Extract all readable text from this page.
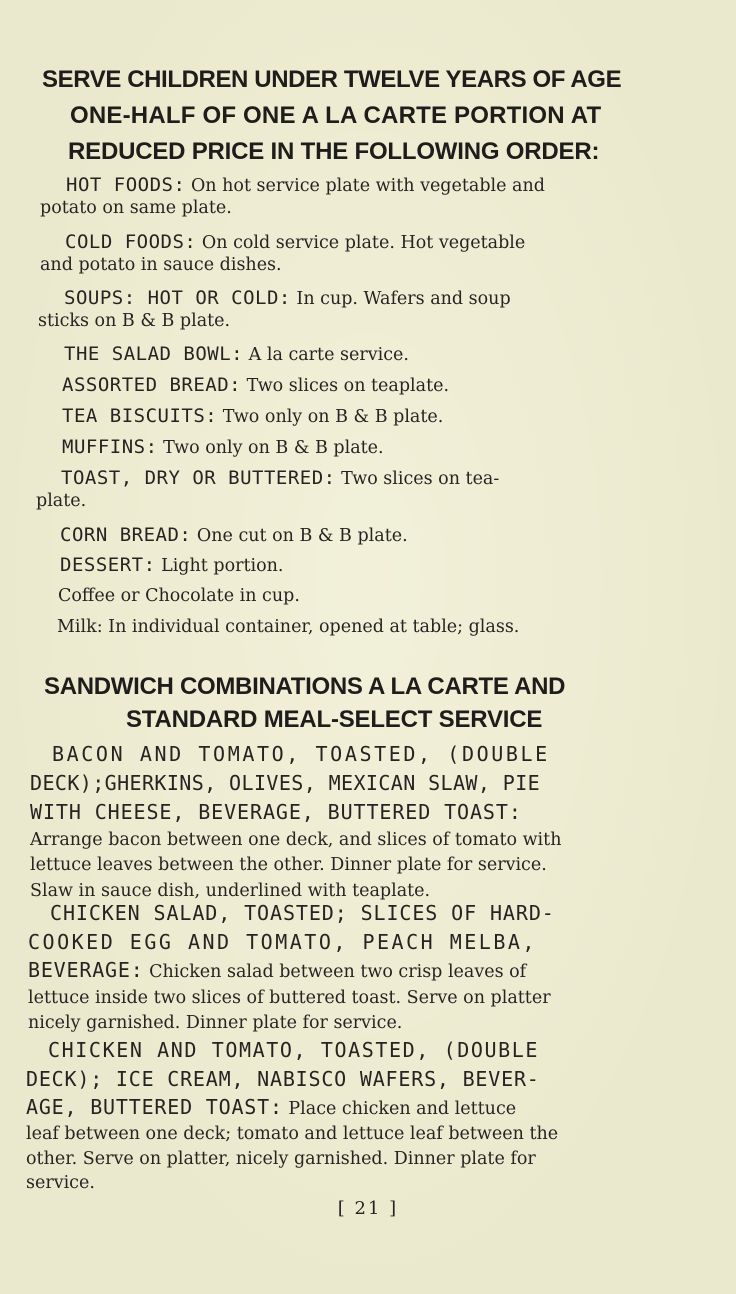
SERVE CHILDREN UNDER TWELVE YEARS OF AGE
ONE-HALF OF ONE A LA CARTE PORTION AT
REDUCED PRICE IN THE FOLLOWING ORDER:
HOT FOODS: On hot service plate with vegetable and
potato on same plate.
COLD FOODS: On cold service plate. Hot vegetable
and potato in sauce dishes.
SOUPS: HOT OR COLD: In cup. Wafers and soup
sticks on B & B plate.
THE SALAD BOWL: A la carte service.
ASSORTED BREAD: Two slices on teaplate.
TEA BISCUITS: Two only on B & B plate.
MUFFINS: Two only on B & B plate.
TOAST, DRY OR BUTTERED: Two slices on tea-
plate.
CORN BREAD: One cut on B & B plate.
DESSERT: Light portion.
Coffee or Chocolate in cup.
Milk: In individual container, opened at table; glass.
SANDWICH COMBINATIONS A LA CARTE AND
STANDARD MEAL-SELECT SERVICE
BACON AND TOMATO, TOASTED, (DOUBLE
DECK);GHERKINS, OLIVES, MEXICAN SLAW, PIE
WITH CHEESE, BEVERAGE, BUTTERED TOAST:
Arrange bacon between one deck, and slices of tomato with
lettuce leaves between the other. Dinner plate for service.
Slaw in sauce dish, underlined with teaplate.
CHICKEN SALAD, TOASTED; SLICES OF HARD-
COOKED EGG AND TOMATO, PEACH MELBA,
BEVERAGE: Chicken salad between two crisp leaves of
lettuce inside two slices of buttered toast. Serve on platter
nicely garnished. Dinner plate for service.
CHICKEN AND TOMATO, TOASTED, (DOUBLE
DECK); ICE CREAM, NABISCO WAFERS, BEVER-
AGE, BUTTERED TOAST: Place chicken and lettuce
leaf between one deck; tomato and lettuce leaf between the
other. Serve on platter, nicely garnished. Dinner plate for
service.
[ 21 ]
